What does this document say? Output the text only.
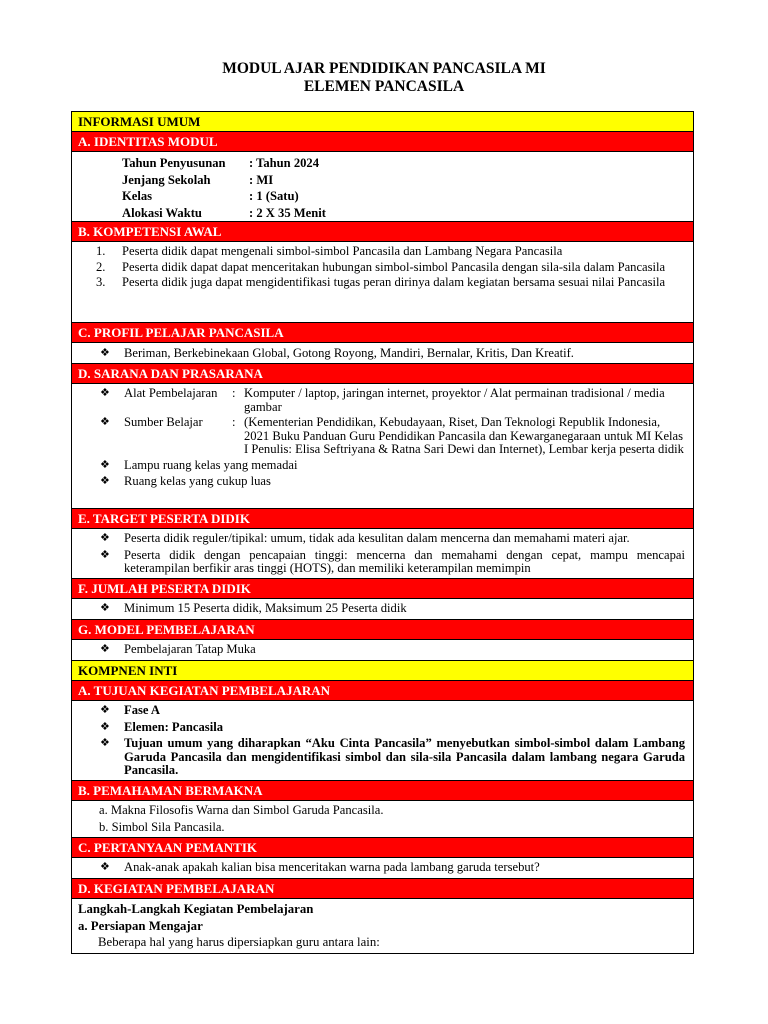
MODUL AJAR PENDIDIKAN PANCASILA MI
ELEMEN PANCASILA
INFORMASI UMUM
A. IDENTITAS MODUL
Tahun Penyusunan	: Tahun 2024
Jenjang Sekolah	: MI
Kelas	: 1 (Satu)
Alokasi Waktu	: 2 X 35 Menit
B. KOMPETENSI AWAL
1.	Peserta didik dapat mengenali simbol-simbol Pancasila dan Lambang Negara Pancasila
2.	Peserta didik dapat dapat menceritakan hubungan simbol-simbol Pancasila dengan sila-sila dalam Pancasila
3.	Peserta didik juga dapat mengidentifikasi tugas peran dirinya dalam kegiatan bersama sesuai nilai Pancasila
C. PROFIL PELAJAR PANCASILA
❖	Beriman, Berkebinekaan Global, Gotong Royong, Mandiri, Bernalar, Kritis, Dan Kreatif.
D. SARANA DAN PRASARANA
❖	Alat Pembelajaran	: Komputer / laptop, jaringan internet, proyektor / Alat permainan tradisional / media gambar
❖	Sumber Belajar	: (Kementerian Pendidikan, Kebudayaan, Riset, Dan Teknologi Republik Indonesia, 2021 Buku Panduan Guru Pendidikan Pancasila dan Kewarganegaraan untuk MI Kelas I Penulis: Elisa Seftriyana & Ratna Sari Dewi dan Internet), Lembar kerja peserta didik
❖	Lampu ruang kelas yang memadai
❖	Ruang kelas yang cukup luas
E. TARGET PESERTA DIDIK
❖	Peserta didik reguler/tipikal: umum, tidak ada kesulitan dalam mencerna dan memahami materi ajar.
❖	Peserta didik dengan pencapaian tinggi: mencerna dan memahami dengan cepat, mampu mencapai keterampilan berfikir aras tinggi (HOTS), dan memiliki keterampilan memimpin
F. JUMLAH PESERTA DIDIK
❖	Minimum 15 Peserta didik, Maksimum 25 Peserta didik
G. MODEL PEMBELAJARAN
❖	Pembelajaran Tatap Muka
KOMPNEN INTI
A. TUJUAN KEGIATAN PEMBELAJARAN
❖	Fase A
❖	Elemen: Pancasila
❖	Tujuan umum yang diharapkan “Aku Cinta Pancasila” menyebutkan simbol-simbol dalam Lambang Garuda Pancasila dan mengidentifikasi simbol dan sila-sila Pancasila dalam lambang negara Garuda Pancasila.
B. PEMAHAMAN BERMAKNA
a. Makna Filosofis Warna dan Simbol Garuda Pancasila.
b. Simbol Sila Pancasila.
C. PERTANYAAN PEMANTIK
❖	Anak-anak apakah kalian bisa menceritakan warna pada lambang garuda tersebut?
D. KEGIATAN PEMBELAJARAN
Langkah-Langkah Kegiatan Pembelajaran
a. Persiapan Mengajar
Beberapa hal yang harus dipersiapkan guru antara lain:
